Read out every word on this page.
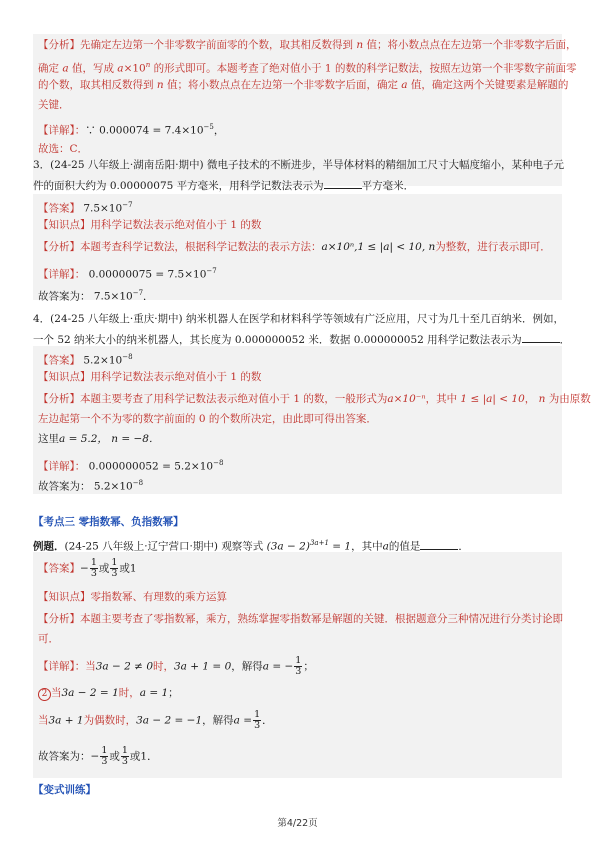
【分析】先确定左边第一个非零数字前面零的个数，取其相反数得到 n 值；将小数点点在左边第一个非零数字后面，
确定 a 值，写成 $a\times 10^n$ 的形式即可。本题考查了绝对值小于 1 的数的科学记数法，按照左边第一个非零数字前面零
的个数，取其相反数得到 n 值；将小数点点在左边第一个非零数字后面，确定 a 值，确定这两个关键要素是解题的
关键．
【详解】：∵ $0.000074 = 7.4\times 10^{-5}$，
故选：C．
3．(24-25 八年级上·湖南岳阳·期中) 微电子技术的不断进步，半导体材料的精细加工尺寸大幅度缩小，某种电子元
件的面积大约为 0.00000075 平方毫米，用科学记数法表示为	平方毫米．
【答案】 $7.5\times 10^{-7}$
【知识点】用科学记数法表示绝对值小于 1 的数
【分析】本题考查科学记数法，根据科学记数法的表示方法：a×10ⁿ,1 ≤ |a| < 10, n为整数，进行表示即可．
【详解】： $0.00000075 = 7.5\times 10^{-7}$
故答案为： $7.5\times 10^{-7}$．
4．(24-25 八年级上·重庆·期中) 纳米机器人在医学和材料科学等领域有广泛应用，尺寸为几十至几百纳米．例如，
一个 52 纳米大小的纳米机器人，其长度为 0.000000052 米．数据 0.000000052 用科学记数法表示为	．
【答案】 $5.2\times 10^{-8}$
【知识点】用科学记数法表示绝对值小于 1 的数
【分析】本题主要考查了用科学记数法表示绝对值小于 1 的数，一般形式为a×10⁻ⁿ，其中 1 ≤ |a| < 10， n 为由原数
左边起第一个不为零的数字前面的 0 的个数所决定，由此即可得出答案．
这里a = 5.2， n = −8．
【详解】： $0.000000052 = 5.2\times 10^{-8}$
故答案为： $5.2\times 10^{-8}$
【考点三 零指数幂、负指数幂】
例题．(24-25 八年级上·辽宁营口·期中) 观察等式 $(3a - 2)^{3a+1} = 1$，其中a的值是	．
【答案】− $\frac{1}{3}$ 或 $\frac{1}{3}$ 或1
【知识点】零指数幂、有理数的乘方运算
【分析】本题主要考查了零指数幂，乘方，熟练掌握零指数幂是解题的关键．根据题意分三种情况进行分类讨论即
可．
【详解】：当3a − 2 ≠ 0时，3a + 1 = 0，解得a = − $\frac{1}{3}$ ；
2 当3a − 2 = 1时，a = 1；
当3a + 1为偶数时，3a − 2 = −1，解得$a = \frac{1}{3}$ ．
故答案为：− $\frac{1}{3}$ 或 $\frac{1}{3}$ 或1．
【变式训练】
第4/22页
